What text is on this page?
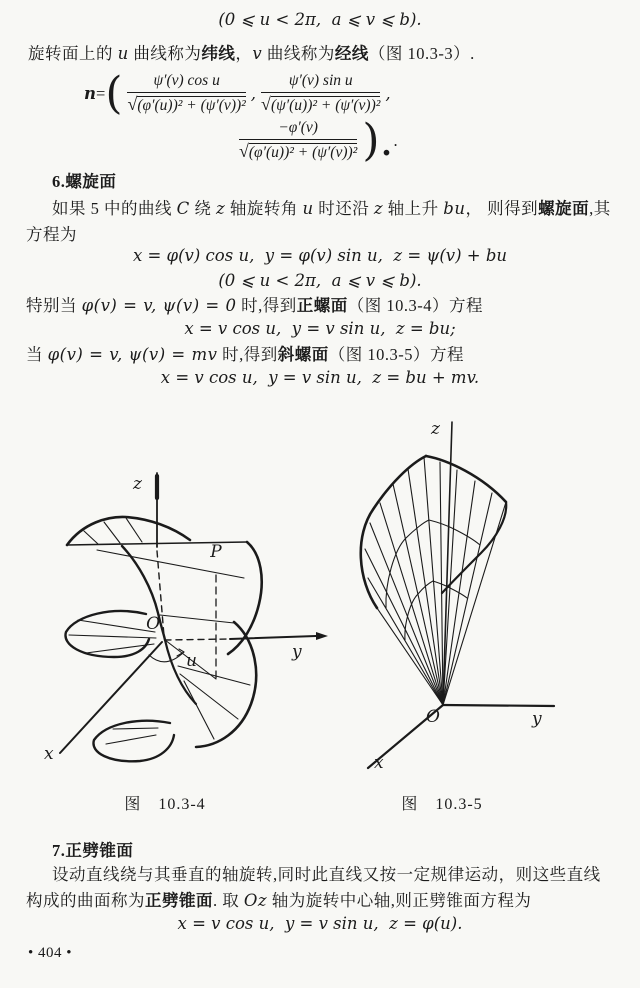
(0 ⩽ u < 2π,  a ⩽ v ⩽ b).
旋转面上的 u 曲线称为纬线，v 曲线称为经线（图 10.3-3）.
n = ( $\frac{\text{ψ′(v) cos u}}{\text{√(φ′(u))² + (ψ′(v))²}}$ , $\frac{\text{ψ′(v) sin u}}{\text{√(ψ′(u))² + (ψ′(v))²}}$ ,
$\frac{-\varphi'(v)}{\text{√(φ′(u))² + (ψ′(v))²}}$ ). .
6.螺旋面
如果 5 中的曲线 C 绕 z 轴旋转角 u 时还沿 z 轴上升 bu， 则得到螺旋面,其
方程为
x = φ(v) cos u,  y = φ(v) sin u,  z = ψ(v) + bu
(0 ⩽ u < 2π,  a ⩽ v ⩽ b).
特别当 φ(v) = v, ψ(v) = 0 时,得到正螺面（图 10.3-4）方程
x = v cos u,  y = v sin u,  z = bu;
当 φ(v) = v, ψ(v) = mv 时,得到斜螺面（图 10.3-5）方程
x = v cos u,  y = v sin u,  z = bu + mv.
z
P
O
u
x
y
z
O
x
y
图　10.3-4	图　10.3-5
7.正劈锥面
设动直线绕与其垂直的轴旋转,同时此直线又按一定规律运动，则这些直线
构成的曲面称为正劈锥面. 取 Oz 轴为旋转中心轴,则正劈锥面方程为
x = v cos u,  y = v sin u,  z = φ(u).
• 404 •
